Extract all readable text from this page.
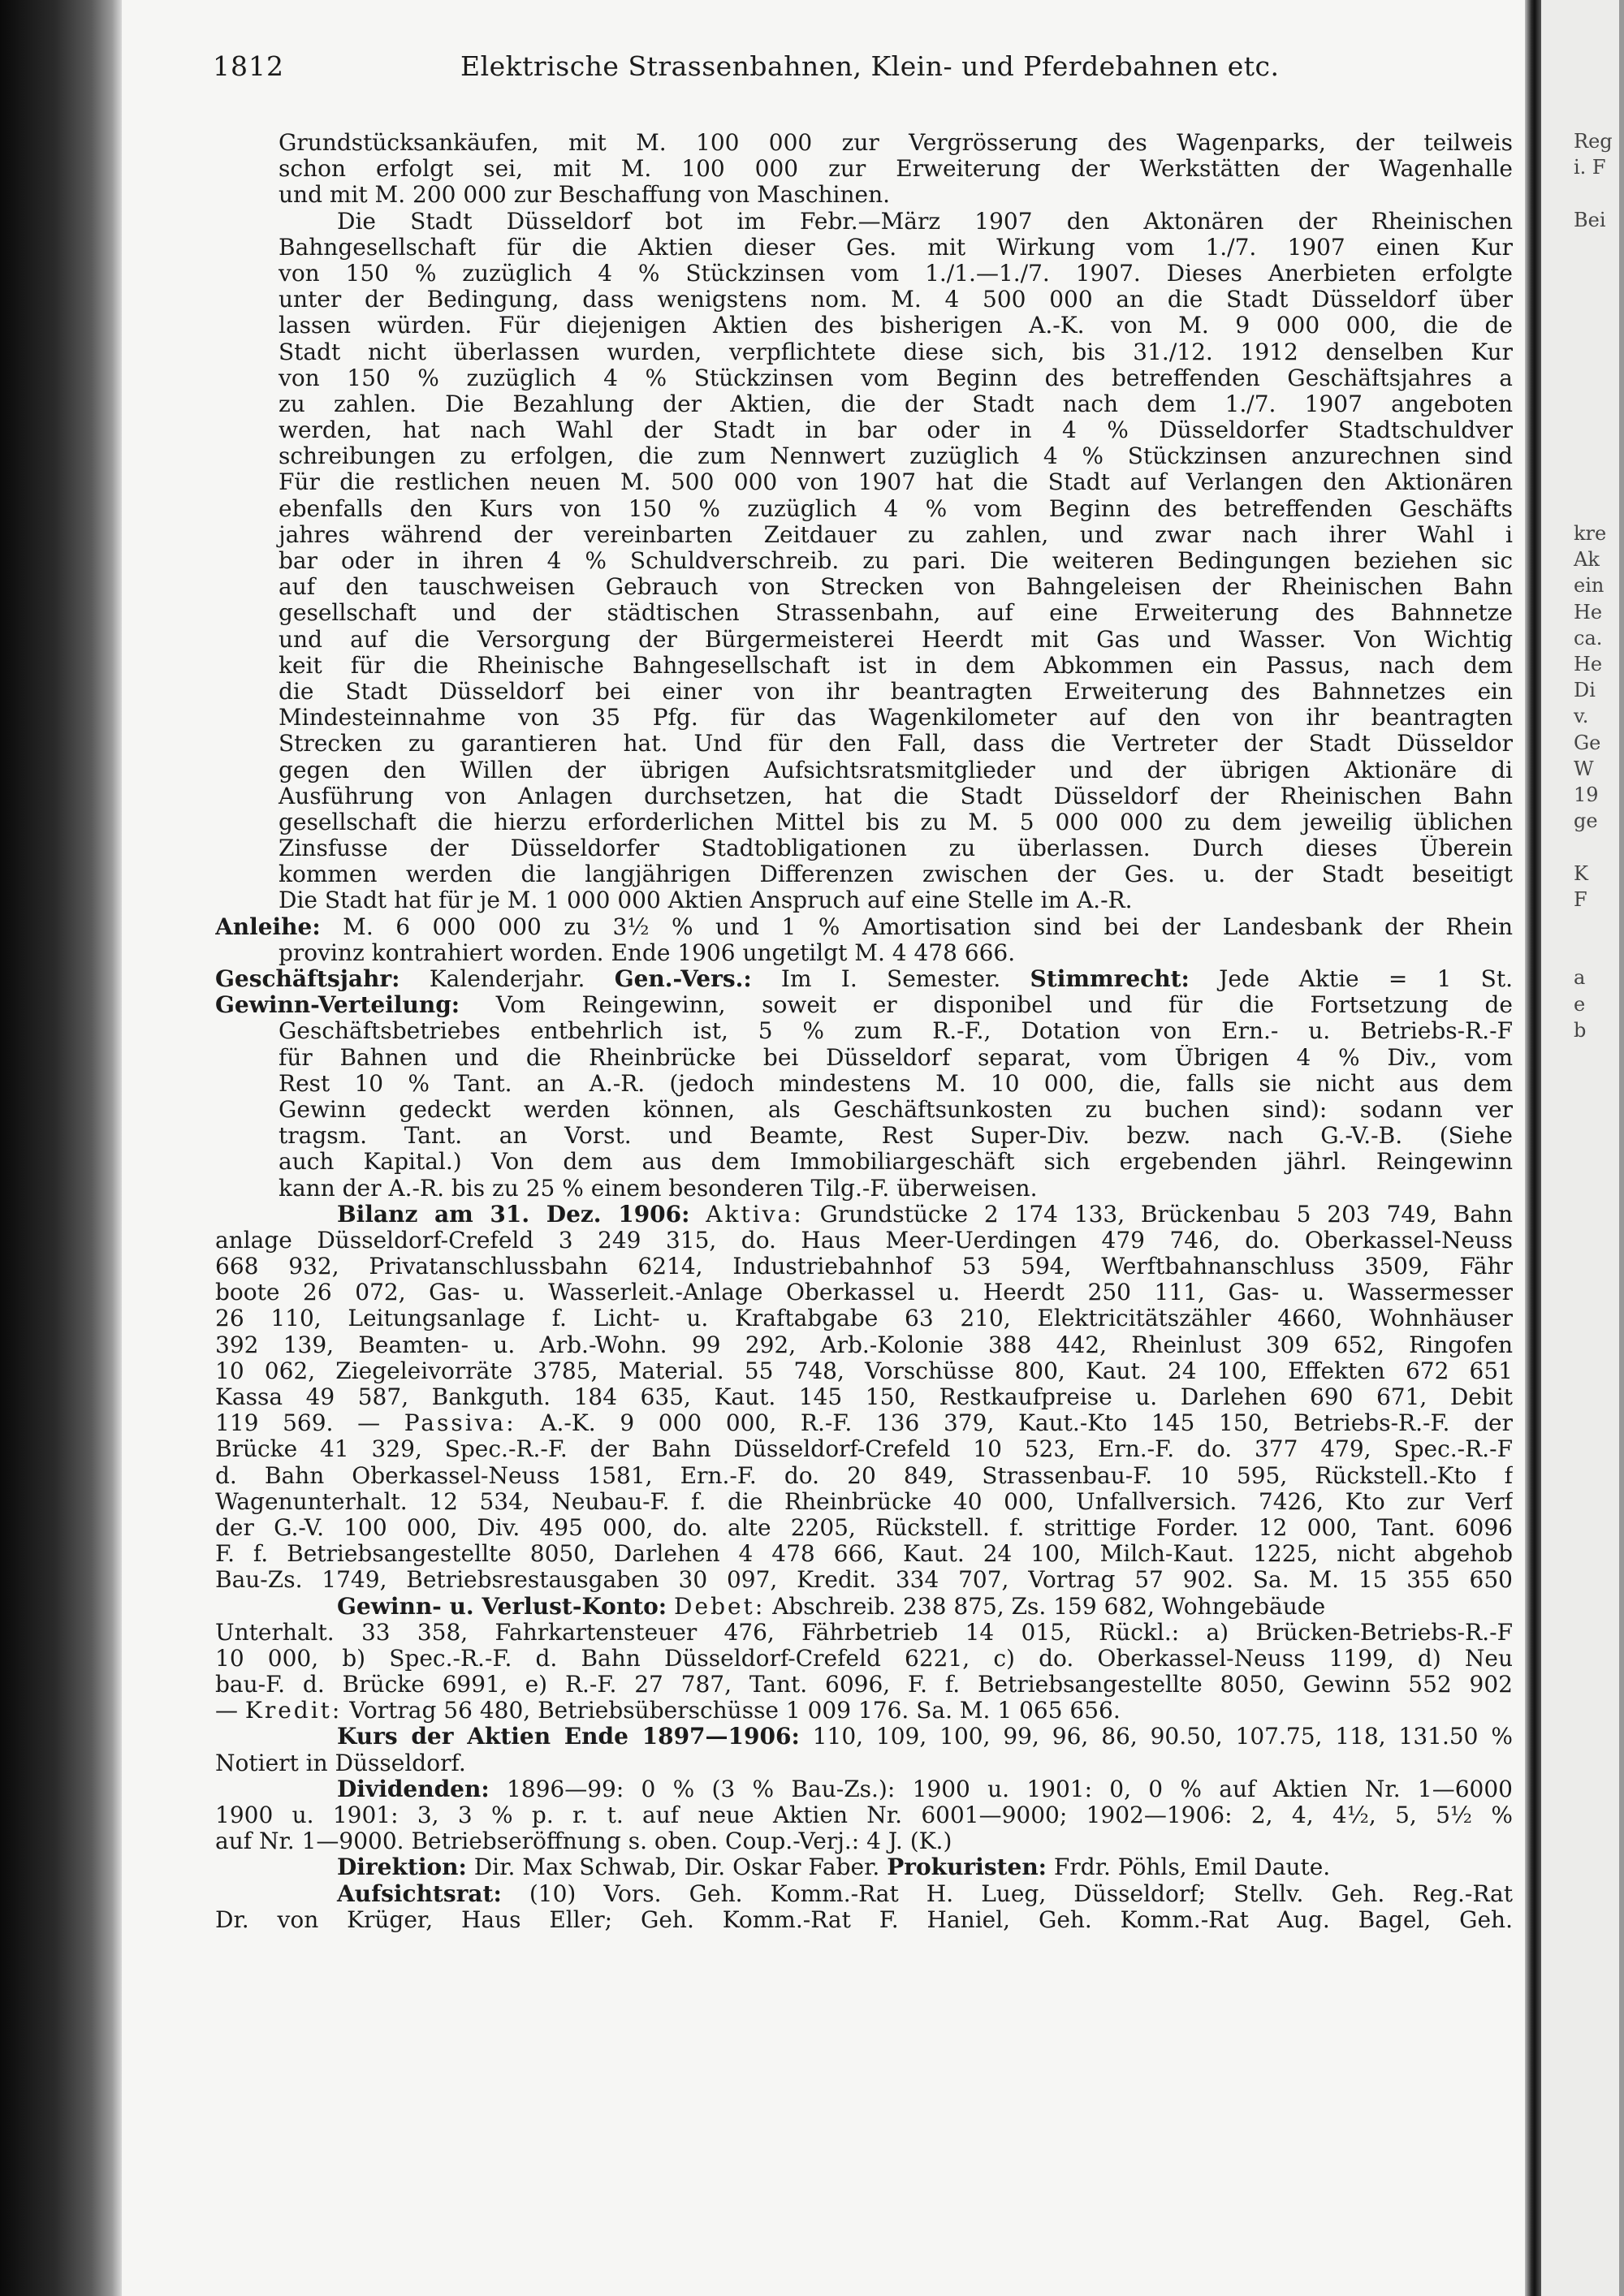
1812	Elektrische Strassenbahnen, Klein- und Pferdebahnen etc.
Grundstücksankäufen, mit M. 100 000 zur Vergrösserung des Wagenparks, der teilweis
schon erfolgt sei, mit M. 100 000 zur Erweiterung der Werkstätten der Wagenhalle
und mit M. 200 000 zur Beschaffung von Maschinen.
Die Stadt Düsseldorf bot im Febr.—März 1907 den Aktonären der Rheinischen
Bahngesellschaft für die Aktien dieser Ges. mit Wirkung vom 1./7. 1907 einen Kur
von 150 % zuzüglich 4 % Stückzinsen vom 1./1.—1./7. 1907. Dieses Anerbieten erfolgte
unter der Bedingung, dass wenigstens nom. M. 4 500 000 an die Stadt Düsseldorf über
lassen würden. Für diejenigen Aktien des bisherigen A.-K. von M. 9 000 000, die de
Stadt nicht überlassen wurden, verpflichtete diese sich, bis 31./12. 1912 denselben Kur
von 150 % zuzüglich 4 % Stückzinsen vom Beginn des betreffenden Geschäftsjahres a
zu zahlen. Die Bezahlung der Aktien, die der Stadt nach dem 1./7. 1907 angeboten
werden, hat nach Wahl der Stadt in bar oder in 4 % Düsseldorfer Stadtschuldver
schreibungen zu erfolgen, die zum Nennwert zuzüglich 4 % Stückzinsen anzurechnen sind
Für die restlichen neuen M. 500 000 von 1907 hat die Stadt auf Verlangen den Aktionären
ebenfalls den Kurs von 150 % zuzüglich 4 % vom Beginn des betreffenden Geschäfts
jahres während der vereinbarten Zeitdauer zu zahlen, und zwar nach ihrer Wahl i
bar oder in ihren 4 % Schuldverschreib. zu pari. Die weiteren Bedingungen beziehen sic
auf den tauschweisen Gebrauch von Strecken von Bahngeleisen der Rheinischen Bahn
gesellschaft und der städtischen Strassenbahn, auf eine Erweiterung des Bahnnetze
und auf die Versorgung der Bürgermeisterei Heerdt mit Gas und Wasser. Von Wichtig
keit für die Rheinische Bahngesellschaft ist in dem Abkommen ein Passus, nach dem
die Stadt Düsseldorf bei einer von ihr beantragten Erweiterung des Bahnnetzes ein
Mindesteinnahme von 35 Pfg. für das Wagenkilometer auf den von ihr beantragten
Strecken zu garantieren hat. Und für den Fall, dass die Vertreter der Stadt Düsseldor
gegen den Willen der übrigen Aufsichtsratsmitglieder und der übrigen Aktionäre di
Ausführung von Anlagen durchsetzen, hat die Stadt Düsseldorf der Rheinischen Bahn
gesellschaft die hierzu erforderlichen Mittel bis zu M. 5 000 000 zu dem jeweilig üblichen
Zinsfusse der Düsseldorfer Stadtobligationen zu überlassen. Durch dieses Überein
kommen werden die langjährigen Differenzen zwischen der Ges. u. der Stadt beseitigt
Die Stadt hat für je M. 1 000 000 Aktien Anspruch auf eine Stelle im A.-R.
Anleihe: M. 6 000 000 zu 3½ % und 1 % Amortisation sind bei der Landesbank der Rhein
provinz kontrahiert worden. Ende 1906 ungetilgt M. 4 478 666.
Geschäftsjahr: Kalenderjahr. Gen.-Vers.: Im I. Semester. Stimmrecht: Jede Aktie = 1 St.
Gewinn-Verteilung: Vom Reingewinn, soweit er disponibel und für die Fortsetzung de
Geschäftsbetriebes entbehrlich ist, 5 % zum R.-F., Dotation von Ern.- u. Betriebs-R.-F
für Bahnen und die Rheinbrücke bei Düsseldorf separat, vom Übrigen 4 % Div., vom
Rest 10 % Tant. an A.-R. (jedoch mindestens M. 10 000, die, falls sie nicht aus dem
Gewinn gedeckt werden können, als Geschäftsunkosten zu buchen sind): sodann ver
tragsm. Tant. an Vorst. und Beamte, Rest Super-Div. bezw. nach G.-V.-B. (Siehe
auch Kapital.) Von dem aus dem Immobiliargeschäft sich ergebenden jährl. Reingewinn
kann der A.-R. bis zu 25 % einem besonderen Tilg.-F. überweisen.
Bilanz am 31. Dez. 1906: Aktiva: Grundstücke 2 174 133, Brückenbau 5 203 749, Bahn
anlage Düsseldorf-Crefeld 3 249 315, do. Haus Meer-Uerdingen 479 746, do. Oberkassel-Neuss
668 932, Privatanschlussbahn 6214, Industriebahnhof 53 594, Werftbahnanschluss 3509, Fähr
boote 26 072, Gas- u. Wasserleit.-Anlage Oberkassel u. Heerdt 250 111, Gas- u. Wassermesser
26 110, Leitungsanlage f. Licht- u. Kraftabgabe 63 210, Elektricitätszähler 4660, Wohnhäuser
392 139, Beamten- u. Arb.-Wohn. 99 292, Arb.-Kolonie 388 442, Rheinlust 309 652, Ringofen
10 062, Ziegeleivorräte 3785, Material. 55 748, Vorschüsse 800, Kaut. 24 100, Effekten 672 651
Kassa 49 587, Bankguth. 184 635, Kaut. 145 150, Restkaufpreise u. Darlehen 690 671, Debit
119 569. — Passiva: A.-K. 9 000 000, R.-F. 136 379, Kaut.-Kto 145 150, Betriebs-R.-F. der
Brücke 41 329, Spec.-R.-F. der Bahn Düsseldorf-Crefeld 10 523, Ern.-F. do. 377 479, Spec.-R.-F
d. Bahn Oberkassel-Neuss 1581, Ern.-F. do. 20 849, Strassenbau-F. 10 595, Rückstell.-Kto f
Wagenunterhalt. 12 534, Neubau-F. f. die Rheinbrücke 40 000, Unfallversich. 7426, Kto zur Verf
der G.-V. 100 000, Div. 495 000, do. alte 2205, Rückstell. f. strittige Forder. 12 000, Tant. 6096
F. f. Betriebsangestellte 8050, Darlehen 4 478 666, Kaut. 24 100, Milch-Kaut. 1225, nicht abgehob
Bau-Zs. 1749, Betriebsrestausgaben 30 097, Kredit. 334 707, Vortrag 57 902. Sa. M. 15 355 650
Gewinn- u. Verlust-Konto: Debet: Abschreib. 238 875, Zs. 159 682, Wohngebäude
Unterhalt. 33 358, Fahrkartensteuer 476, Fährbetrieb 14 015, Rückl.: a) Brücken-Betriebs-R.-F
10 000, b) Spec.-R.-F. d. Bahn Düsseldorf-Crefeld 6221, c) do. Oberkassel-Neuss 1199, d) Neu
bau-F. d. Brücke 6991, e) R.-F. 27 787, Tant. 6096, F. f. Betriebsangestellte 8050, Gewinn 552 902
— Kredit: Vortrag 56 480, Betriebsüberschüsse 1 009 176. Sa. M. 1 065 656.
Kurs der Aktien Ende 1897—1906: 110, 109, 100, 99, 96, 86, 90.50, 107.75, 118, 131.50 %
Notiert in Düsseldorf.
Dividenden: 1896—99: 0 % (3 % Bau-Zs.): 1900 u. 1901: 0, 0 % auf Aktien Nr. 1—6000
1900 u. 1901: 3, 3 % p. r. t. auf neue Aktien Nr. 6001—9000; 1902—1906: 2, 4, 4½, 5, 5½ %
auf Nr. 1—9000. Betriebseröffnung s. oben. Coup.-Verj.: 4 J. (K.)
Direktion: Dir. Max Schwab, Dir. Oskar Faber. Prokuristen: Frdr. Pöhls, Emil Daute.
Aufsichtsrat: (10) Vors. Geh. Komm.-Rat H. Lueg, Düsseldorf; Stellv. Geh. Reg.-Rat
Dr. von Krüger, Haus Eller; Geh. Komm.-Rat F. Haniel, Geh. Komm.-Rat Aug. Bagel, Geh.
Reg
i. F
Bei
kre
Ak
ein
He
ca.
He
Di
v.
Ge
W
19
ge
K
F
a
e
b
